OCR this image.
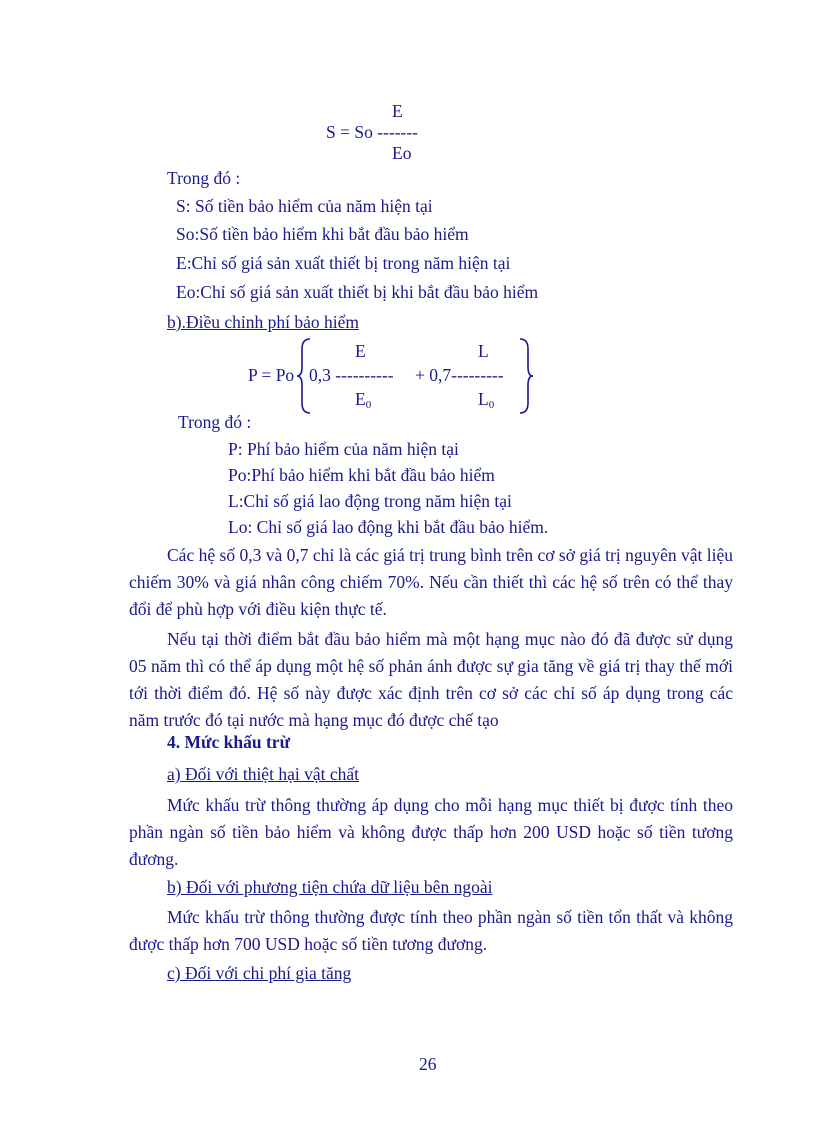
E
S = So -------
Eo
Trong đó :
S: Số tiền bảo hiểm của năm hiện tại
So:Số tiền bảo hiểm khi bắt đầu bảo hiểm
E:Chỉ số giá sản xuất thiết bị trong năm hiện tại
Eo:Chỉ số giá sản xuất thiết bị khi bắt đầu bảo hiểm
b).Điều chỉnh phí bảo hiểm
E	L
P = Po 0,3 ---------- + 0,7---------
$E_0$	$L_0$
Trong đó :
P: Phí bảo hiểm của năm hiện tại
Po:Phí bảo hiểm khi bắt đầu bảo hiểm
L:Chỉ số giá lao động trong năm hiện tại
Lo: Chỉ số giá lao động khi bắt đầu bảo hiểm.
Các hệ số 0,3 và 0,7 chỉ là các giá trị trung bình trên cơ sở giá trị nguyên vật liệu chiếm 30% và giá nhân công chiếm 70%. Nếu cần thiết thì các hệ số trên có thể thay đổi để phù hợp với điều kiện thực tế.
Nếu tại thời điểm bắt đầu bảo hiểm mà một hạng mục nào đó đã được sử dụng 05 năm thì có thể áp dụng một hệ số phản ánh được sự gia tăng về giá trị thay thế mới tới thời điểm đó. Hệ số này được xác định trên cơ sở các chỉ số áp dụng trong các năm trước đó tại nước mà hạng mục đó được chế tạo
4. Mức khấu trừ
a) Đối với thiệt hại vật chất
Mức khấu trừ thông thường áp dụng cho mỗi hạng mục thiết bị được tính theo phần ngàn số tiền bảo hiểm và không được thấp hơn 200 USD hoặc số tiền tương đương.
b) Đối với phương tiện chứa dữ liệu bên ngoài
Mức khấu trừ thông thường được tính theo phần ngàn số tiền tổn thất và không được thấp hơn 700 USD hoặc số tiền tương đương.
c) Đối với chi phí gia tăng
26
